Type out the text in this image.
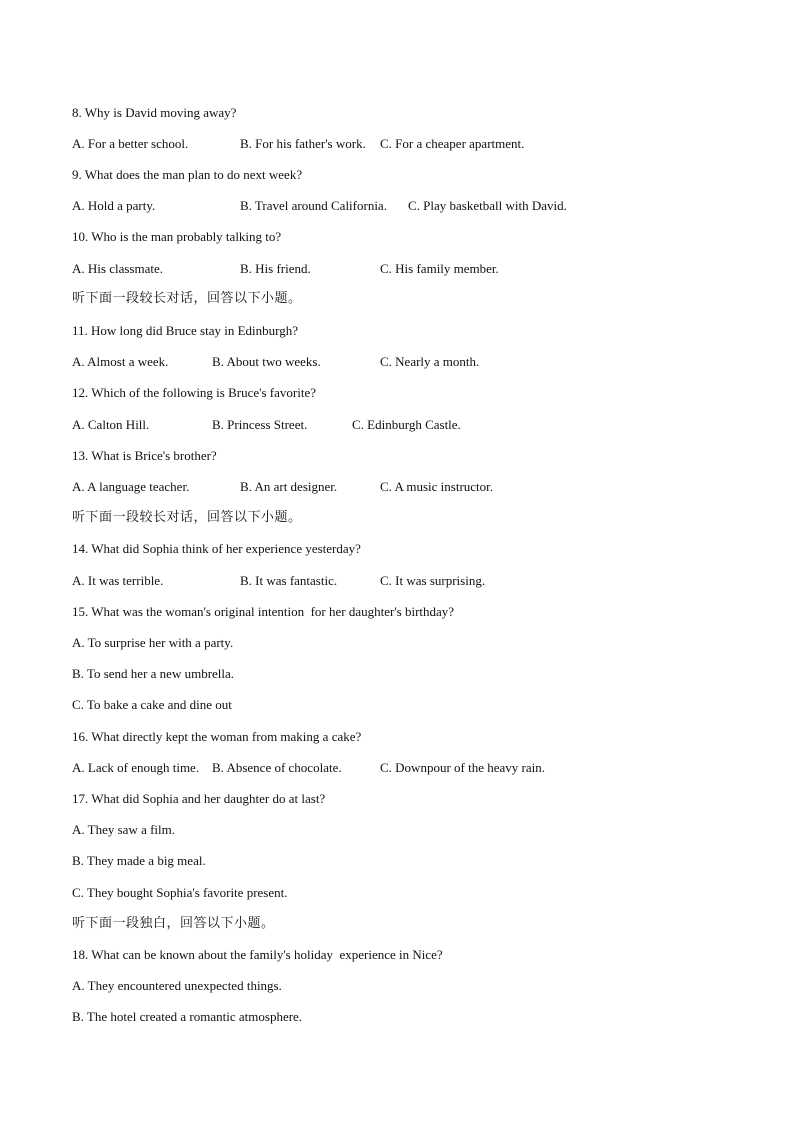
8. Why is David moving away?
A. For a better school.	B. For his father's work. C. For a cheaper apartment.
9. What does the man plan to do next week?
A. Hold a party.	B. Travel around California. C. Play basketball with David.
10. Who is the man probably talking to?
A. His classmate.	B. His friend.	C. His family member.
听下面一段较长对话，回答以下小题。
11. How long did Bruce stay in Edinburgh?
A. Almost a week.	B. About two weeks.	C. Nearly a month.
12. Which of the following is Bruce's favorite?
A. Calton Hill.	B. Princess Street.	C. Edinburgh Castle.
13. What is Brice's brother?
A. A language teacher.	B. An art designer.	C. A music instructor.
听下面一段较长对话，回答以下小题。
14. What did Sophia think of her experience yesterday?
A. It was terrible.	B. It was fantastic.	C. It was surprising.
15. What was the woman's original intention  for her daughter's birthday?
A. To surprise her with a party.
B. To send her a new umbrella.
C. To bake a cake and dine out
16. What directly kept the woman from making a cake?
A. Lack of enough time. B. Absence of chocolate.	C. Downpour of the heavy rain.
17. What did Sophia and her daughter do at last?
A. They saw a film.
B. They made a big meal.
C. They bought Sophia's favorite present.
听下面一段独白，回答以下小题。
18. What can be known about the family's holiday  experience in Nice?
A. They encountered unexpected things.
B. The hotel created a romantic atmosphere.
